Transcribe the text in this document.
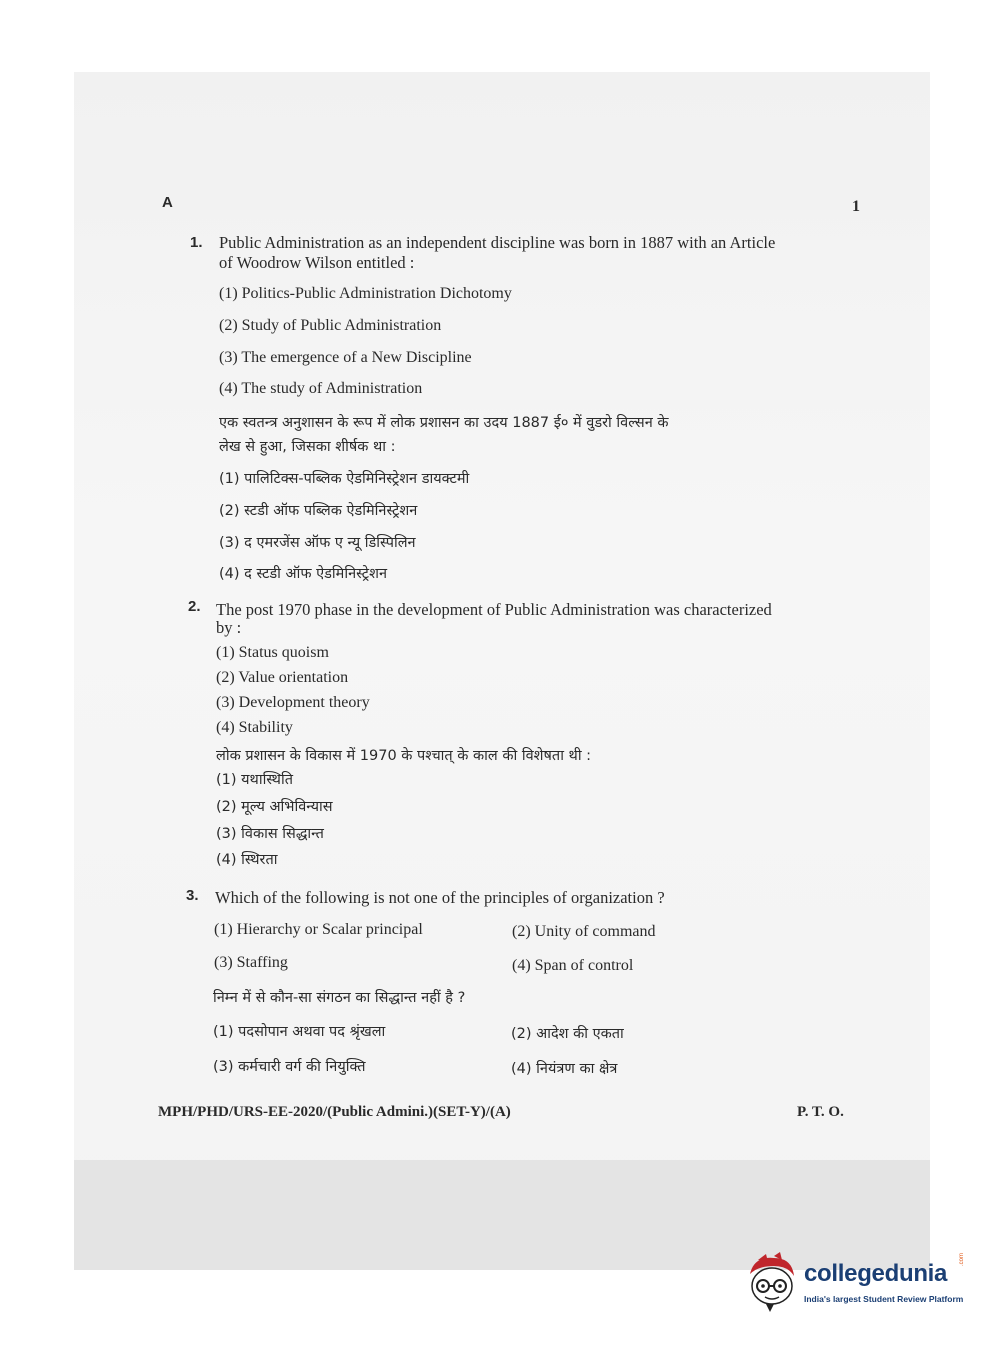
A	1
1. Public Administration as an independent discipline was born in 1887 with an Article
of Woodrow Wilson entitled :
(1) Politics-Public Administration Dichotomy
(2) Study of Public Administration
(3) The emergence of a New Discipline
(4) The study of Administration
एक स्वतन्त्र अनुशासन के रूप में लोक प्रशासन का उदय 1887 ई० में वुडरो विल्सन के
लेख से हुआ, जिसका शीर्षक था :
(1) पालिटिक्स-पब्लिक ऐडमिनिस्ट्रेशन डायक्टमी
(2) स्टडी ऑफ पब्लिक ऐडमिनिस्ट्रेशन
(3) द एमरजेंस ऑफ ए न्यू डिस्पिलिन
(4) द स्टडी ऑफ ऐडमिनिस्ट्रेशन
2. The post 1970 phase in the development of Public Administration was characterized
by :
(1) Status quoism
(2) Value orientation
(3) Development theory
(4) Stability
लोक प्रशासन के विकास में 1970 के पश्चात् के काल की विशेषता थी :
(1) यथास्थिति
(2) मूल्य अभिविन्यास
(3) विकास सिद्धान्त
(4) स्थिरता
3. Which of the following is not one of the principles of organization ?
(1) Hierarchy or Scalar principal	(2) Unity of command
(3) Staffing	(4) Span of control
निम्न में से कौन-सा संगठन का सिद्धान्त नहीं है ?
(1) पदसोपान अथवा पद श्रृंखला	(2) आदेश की एकता
(3) कर्मचारी वर्ग की नियुक्ति	(4) नियंत्रण का क्षेत्र
MPH/PHD/URS-EE-2020/(Public Admini.)(SET-Y)/(A)	P. T. O.
collegedunia
.com
India's largest Student Review Platform
